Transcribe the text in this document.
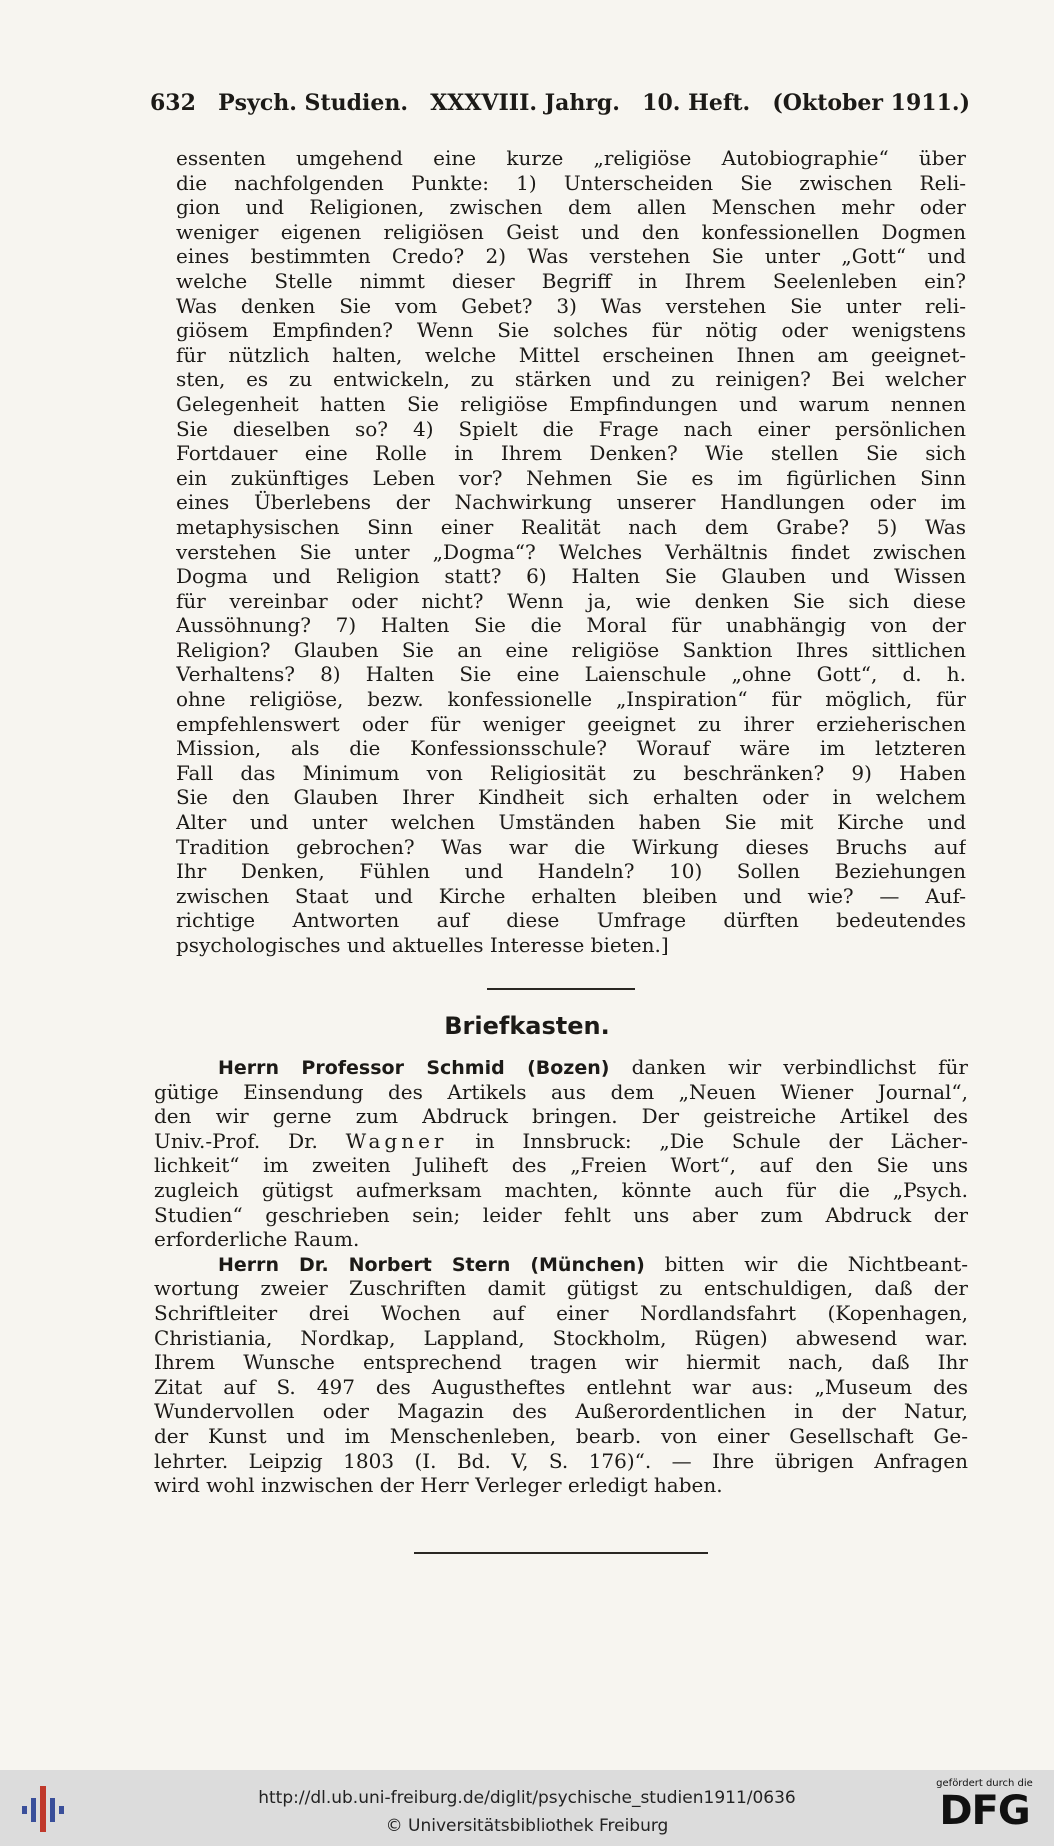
632 Psych. Studien. XXXVIII. Jahrg. 10. Heft. (Oktober 1911.)
essenten umgehend eine kurze „religiöse Autobiographie“ über
die nachfolgenden Punkte: 1) Unterscheiden Sie zwischen Reli-
gion und Religionen, zwischen dem allen Menschen mehr oder
weniger eigenen religiösen Geist und den konfessionellen Dogmen
eines bestimmten Credo? 2) Was verstehen Sie unter „Gott“ und
welche Stelle nimmt dieser Begriff in Ihrem Seelenleben ein?
Was denken Sie vom Gebet? 3) Was verstehen Sie unter reli-
giösem Empfinden? Wenn Sie solches für nötig oder wenigstens
für nützlich halten, welche Mittel erscheinen Ihnen am geeignet-
sten, es zu entwickeln, zu stärken und zu reinigen? Bei welcher
Gelegenheit hatten Sie religiöse Empfindungen und warum nennen
Sie dieselben so? 4) Spielt die Frage nach einer persönlichen
Fortdauer eine Rolle in Ihrem Denken? Wie stellen Sie sich
ein zukünftiges Leben vor? Nehmen Sie es im figürlichen Sinn
eines Überlebens der Nachwirkung unserer Handlungen oder im
metaphysischen Sinn einer Realität nach dem Grabe? 5) Was
verstehen Sie unter „Dogma“? Welches Verhältnis findet zwischen
Dogma und Religion statt? 6) Halten Sie Glauben und Wissen
für vereinbar oder nicht? Wenn ja, wie denken Sie sich diese
Aussöhnung? 7) Halten Sie die Moral für unabhängig von der
Religion? Glauben Sie an eine religiöse Sanktion Ihres sittlichen
Verhaltens? 8) Halten Sie eine Laienschule „ohne Gott“, d. h.
ohne religiöse, bezw. konfessionelle „Inspiration“ für möglich, für
empfehlenswert oder für weniger geeignet zu ihrer erzieherischen
Mission, als die Konfessionsschule? Worauf wäre im letzteren
Fall das Minimum von Religiosität zu beschränken? 9) Haben
Sie den Glauben Ihrer Kindheit sich erhalten oder in welchem
Alter und unter welchen Umständen haben Sie mit Kirche und
Tradition gebrochen? Was war die Wirkung dieses Bruchs auf
Ihr Denken, Fühlen und Handeln? 10) Sollen Beziehungen
zwischen Staat und Kirche erhalten bleiben und wie? — Auf-
richtige Antworten auf diese Umfrage dürften bedeutendes
psychologisches und aktuelles Interesse bieten.]
Briefkasten.
Herrn Professor Schmid (Bozen) danken wir verbindlichst für
gütige Einsendung des Artikels aus dem „Neuen Wiener Journal“,
den wir gerne zum Abdruck bringen. Der geistreiche Artikel des
Univ.-Prof. Dr. Wagner in Innsbruck: „Die Schule der Lächer-
lichkeit“ im zweiten Juliheft des „Freien Wort“, auf den Sie uns
zugleich gütigst aufmerksam machten, könnte auch für die „Psych.
Studien“ geschrieben sein; leider fehlt uns aber zum Abdruck der
erforderliche Raum.
Herrn Dr. Norbert Stern (München) bitten wir die Nichtbeant-
wortung zweier Zuschriften damit gütigst zu entschuldigen, daß der
Schriftleiter drei Wochen auf einer Nordlandsfahrt (Kopenhagen,
Christiania, Nordkap, Lappland, Stockholm, Rügen) abwesend war.
Ihrem Wunsche entsprechend tragen wir hiermit nach, daß Ihr
Zitat auf S. 497 des Augustheftes entlehnt war aus: „Museum des
Wundervollen oder Magazin des Außerordentlichen in der Natur,
der Kunst und im Menschenleben, bearb. von einer Gesellschaft Ge-
lehrter. Leipzig 1803 (I. Bd. V, S. 176)“. — Ihre übrigen Anfragen
wird wohl inzwischen der Herr Verleger erledigt haben.
http://dl.ub.uni-freiburg.de/diglit/psychische_studien1911/0636
© Universitätsbibliothek Freiburg
gefördert durch die
DFG
